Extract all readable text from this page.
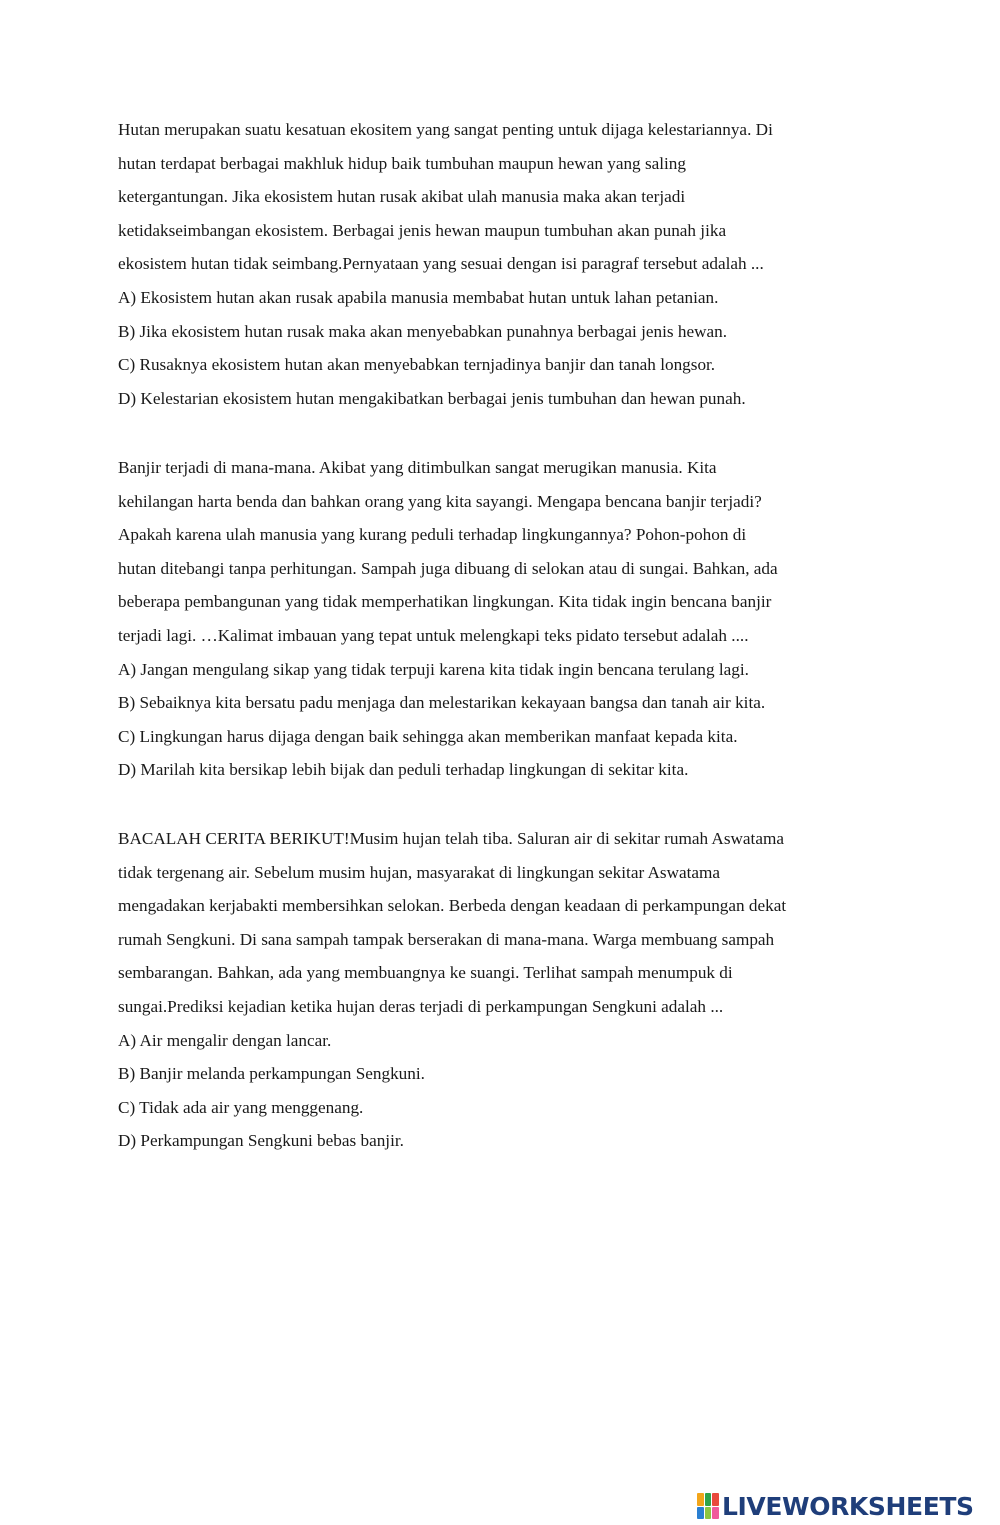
Hutan merupakan suatu kesatuan ekositem yang sangat penting untuk dijaga kelestariannya. Di
hutan terdapat berbagai makhluk hidup baik tumbuhan maupun hewan yang saling
ketergantungan. Jika ekosistem hutan rusak akibat ulah manusia maka akan terjadi
ketidakseimbangan ekosistem. Berbagai jenis hewan maupun tumbuhan akan punah jika
ekosistem hutan tidak seimbang.Pernyataan yang sesuai dengan isi paragraf tersebut adalah ...
A) Ekosistem hutan akan rusak apabila manusia membabat hutan untuk lahan petanian.
B) Jika ekosistem hutan rusak maka akan menyebabkan punahnya berbagai jenis hewan.
C) Rusaknya ekosistem hutan akan menyebabkan ternjadinya banjir dan tanah longsor.
D) Kelestarian ekosistem hutan mengakibatkan berbagai jenis tumbuhan dan hewan punah.
Banjir terjadi di mana-mana. Akibat yang ditimbulkan sangat merugikan manusia. Kita
kehilangan harta benda dan bahkan orang yang kita sayangi. Mengapa bencana banjir terjadi?
Apakah karena ulah manusia yang kurang peduli terhadap lingkungannya? Pohon-pohon di
hutan ditebangi tanpa perhitungan. Sampah juga dibuang di selokan atau di sungai. Bahkan, ada
beberapa pembangunan yang tidak memperhatikan lingkungan. Kita tidak ingin bencana banjir
terjadi lagi. …Kalimat imbauan yang tepat untuk melengkapi teks pidato tersebut adalah ....
A) Jangan mengulang sikap yang tidak terpuji karena kita tidak ingin bencana terulang lagi.
B) Sebaiknya kita bersatu padu menjaga dan melestarikan kekayaan bangsa dan tanah air kita.
C) Lingkungan harus dijaga dengan baik sehingga akan memberikan manfaat kepada kita.
D) Marilah kita bersikap lebih bijak dan peduli terhadap lingkungan di sekitar kita.
BACALAH CERITA BERIKUT!Musim hujan telah tiba. Saluran air di sekitar rumah Aswatama
tidak tergenang air. Sebelum musim hujan, masyarakat di lingkungan sekitar Aswatama
mengadakan kerjabakti membersihkan selokan. Berbeda dengan keadaan di perkampungan dekat
rumah Sengkuni. Di sana sampah tampak berserakan di mana-mana. Warga membuang sampah
sembarangan. Bahkan, ada yang membuangnya ke suangi. Terlihat sampah menumpuk di
sungai.Prediksi kejadian ketika hujan deras terjadi di perkampungan Sengkuni adalah ...
A) Air mengalir dengan lancar.
B) Banjir melanda perkampungan Sengkuni.
C) Tidak ada air yang menggenang.
D) Perkampungan Sengkuni bebas banjir.
LIVEWORKSHEETS
